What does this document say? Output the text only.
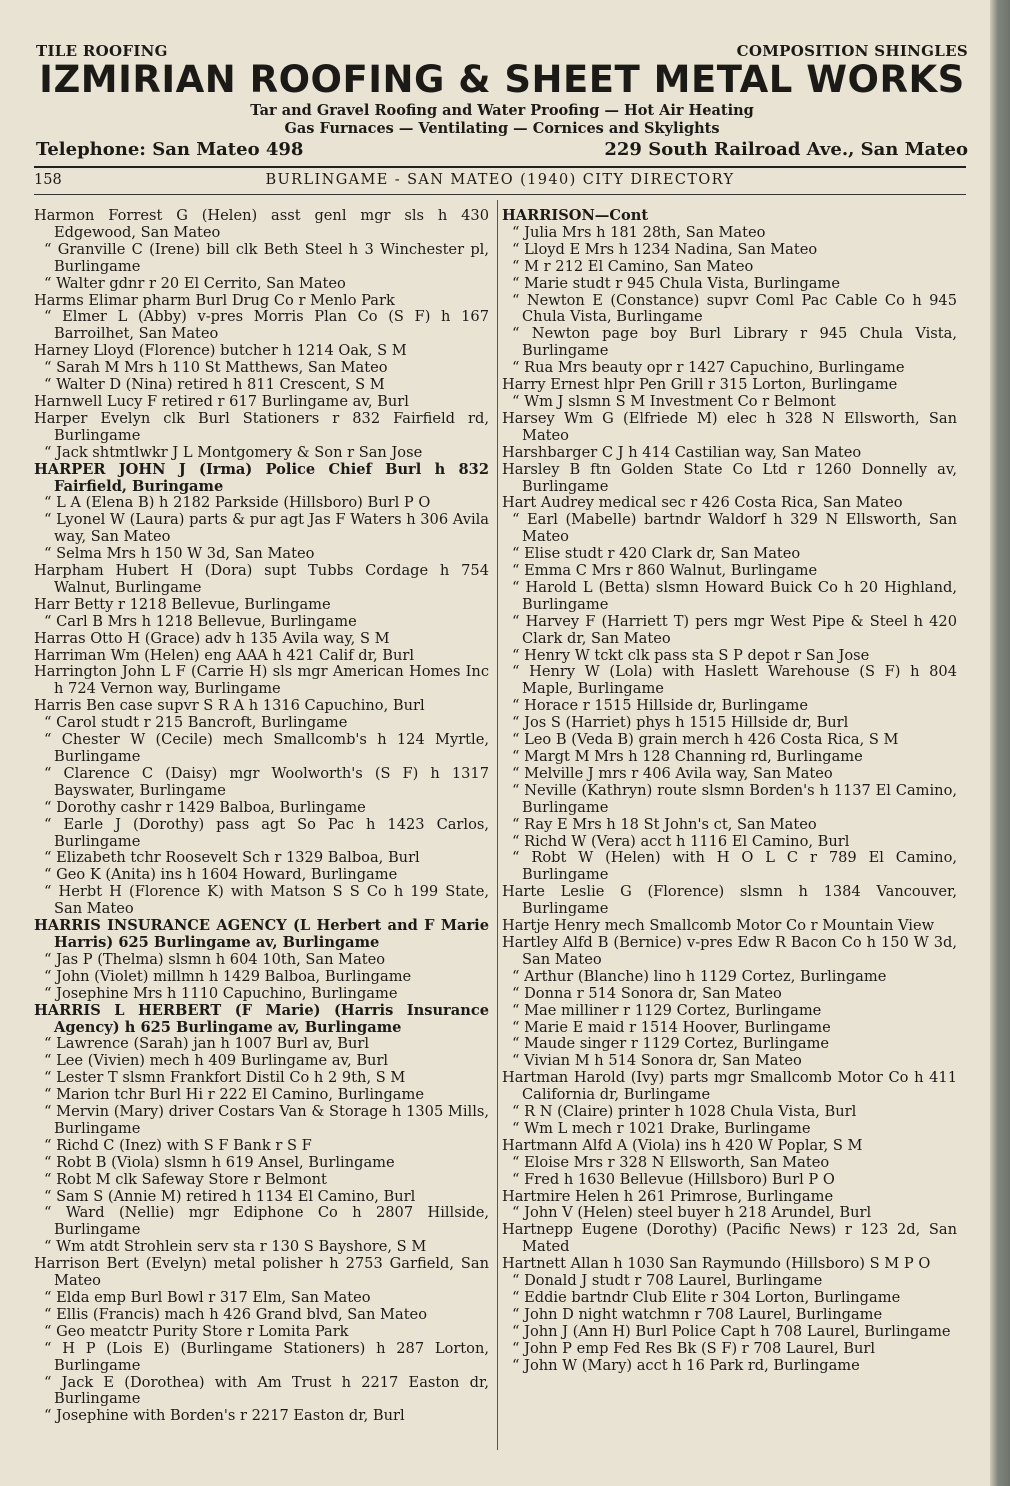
TILE ROOFING	COMPOSITION SHINGLES
IZMIRIAN ROOFING & SHEET METAL WORKS
Tar and Gravel Roofing and Water Proofing — Hot Air Heating
Gas Furnaces — Ventilating — Cornices and Skylights
Telephone: San Mateo 498	229 South Railroad Ave., San Mateo
BURLINGAME - SAN MATEO (1940) CITY DIRECTORY
158
Harmon Forrest G (Helen) asst genl mgr sls h 430 Edgewood, San Mateo
“ Granville C (Irene) bill clk Beth Steel h 3 Winchester pl, Burlingame
“ Walter gdnr r 20 El Cerrito, San Mateo
Harms Elimar pharm Burl Drug Co r Menlo Park
“ Elmer L (Abby) v-pres Morris Plan Co (S F) h 167 Barroilhet, San Mateo
Harney Lloyd (Florence) butcher h 1214 Oak, S M
“ Sarah M Mrs h 110 St Matthews, San Mateo
“ Walter D (Nina) retired h 811 Crescent, S M
Harnwell Lucy F retired r 617 Burlingame av, Burl
Harper Evelyn clk Burl Stationers r 832 Fairfield rd, Burlingame
“ Jack shtmtlwkr J L Montgomery & Son r San Jose
HARPER JOHN J (Irma) Police Chief Burl h 832 Fairfield, Buringame
“ L A (Elena B) h 2182 Parkside (Hillsboro) Burl P O
“ Lyonel W (Laura) parts & pur agt Jas F Waters h 306 Avila way, San Mateo
“ Selma Mrs h 150 W 3d, San Mateo
Harpham Hubert H (Dora) supt Tubbs Cordage h 754 Walnut, Burlingame
Harr Betty r 1218 Bellevue, Burlingame
“ Carl B Mrs h 1218 Bellevue, Burlingame
Harras Otto H (Grace) adv h 135 Avila way, S M
Harriman Wm (Helen) eng AAA h 421 Calif dr, Burl
Harrington John L F (Carrie H) sls mgr American Homes Inc h 724 Vernon way, Burlingame
Harris Ben case supvr S R A h 1316 Capuchino, Burl
“ Carol studt r 215 Bancroft, Burlingame
“ Chester W (Cecile) mech Smallcomb's h 124 Myrtle, Burlingame
“ Clarence C (Daisy) mgr Woolworth's (S F) h 1317 Bayswater, Burlingame
“ Dorothy cashr r 1429 Balboa, Burlingame
“ Earle J (Dorothy) pass agt So Pac h 1423 Carlos, Burlingame
“ Elizabeth tchr Roosevelt Sch r 1329 Balboa, Burl
“ Geo K (Anita) ins h 1604 Howard, Burlingame
“ Herbt H (Florence K) with Matson S S Co h 199 State, San Mateo
HARRIS INSURANCE AGENCY (L Herbert and F Marie Harris) 625 Burlingame av, Burlingame
“ Jas P (Thelma) slsmn h 604 10th, San Mateo
“ John (Violet) millmn h 1429 Balboa, Burlingame
“ Josephine Mrs h 1110 Capuchino, Burlingame
HARRIS L HERBERT (F Marie) (Harris Insurance Agency) h 625 Burlingame av, Burlingame
“ Lawrence (Sarah) jan h 1007 Burl av, Burl
“ Lee (Vivien) mech h 409 Burlingame av, Burl
“ Lester T slsmn Frankfort Distil Co h 2 9th, S M
“ Marion tchr Burl Hi r 222 El Camino, Burlingame
“ Mervin (Mary) driver Costars Van & Storage h 1305 Mills, Burlingame
“ Richd C (Inez) with S F Bank r S F
“ Robt B (Viola) slsmn h 619 Ansel, Burlingame
“ Robt M clk Safeway Store r Belmont
“ Sam S (Annie M) retired h 1134 El Camino, Burl
“ Ward (Nellie) mgr Ediphone Co h 2807 Hillside, Burlingame
“ Wm atdt Strohlein serv sta r 130 S Bayshore, S M
Harrison Bert (Evelyn) metal polisher h 2753 Garfield, San Mateo
“ Elda emp Burl Bowl r 317 Elm, San Mateo
“ Ellis (Francis) mach h 426 Grand blvd, San Mateo
“ Geo meatctr Purity Store r Lomita Park
“ H P (Lois E) (Burlingame Stationers) h 287 Lorton, Burlingame
“ Jack E (Dorothea) with Am Trust h 2217 Easton dr, Burlingame
“ Josephine with Borden's r 2217 Easton dr, Burl
HARRISON—Cont
“ Julia Mrs h 181 28th, San Mateo
“ Lloyd E Mrs h 1234 Nadina, San Mateo
“ M r 212 El Camino, San Mateo
“ Marie studt r 945 Chula Vista, Burlingame
“ Newton E (Constance) supvr Coml Pac Cable Co h 945 Chula Vista, Burlingame
“ Newton page boy Burl Library r 945 Chula Vista, Burlingame
“ Rua Mrs beauty opr r 1427 Capuchino, Burlingame
Harry Ernest hlpr Pen Grill r 315 Lorton, Burlingame
“ Wm J slsmn S M Investment Co r Belmont
Harsey Wm G (Elfriede M) elec h 328 N Ellsworth, San Mateo
Harshbarger C J h 414 Castilian way, San Mateo
Harsley B ftn Golden State Co Ltd r 1260 Donnelly av, Burlingame
Hart Audrey medical sec r 426 Costa Rica, San Mateo
“ Earl (Mabelle) bartndr Waldorf h 329 N Ellsworth, San Mateo
“ Elise studt r 420 Clark dr, San Mateo
“ Emma C Mrs r 860 Walnut, Burlingame
“ Harold L (Betta) slsmn Howard Buick Co h 20 Highland, Burlingame
“ Harvey F (Harriett T) pers mgr West Pipe & Steel h 420 Clark dr, San Mateo
“ Henry W tckt clk pass sta S P depot r San Jose
“ Henry W (Lola) with Haslett Warehouse (S F) h 804 Maple, Burlingame
“ Horace r 1515 Hillside dr, Burlingame
“ Jos S (Harriet) phys h 1515 Hillside dr, Burl
“ Leo B (Veda B) grain merch h 426 Costa Rica, S M
“ Margt M Mrs h 128 Channing rd, Burlingame
“ Melville J mrs r 406 Avila way, San Mateo
“ Neville (Kathryn) route slsmn Borden's h 1137 El Camino, Burlingame
“ Ray E Mrs h 18 St John's ct, San Mateo
“ Richd W (Vera) acct h 1116 El Camino, Burl
“ Robt W (Helen) with H O L C r 789 El Camino, Burlingame
Harte Leslie G (Florence) slsmn h 1384 Vancouver, Burlingame
Hartje Henry mech Smallcomb Motor Co r Mountain View
Hartley Alfd B (Bernice) v-pres Edw R Bacon Co h 150 W 3d, San Mateo
“ Arthur (Blanche) lino h 1129 Cortez, Burlingame
“ Donna r 514 Sonora dr, San Mateo
“ Mae milliner r 1129 Cortez, Burlingame
“ Marie E maid r 1514 Hoover, Burlingame
“ Maude singer r 1129 Cortez, Burlingame
“ Vivian M h 514 Sonora dr, San Mateo
Hartman Harold (Ivy) parts mgr Smallcomb Motor Co h 411 California dr, Burlingame
“ R N (Claire) printer h 1028 Chula Vista, Burl
“ Wm L mech r 1021 Drake, Burlingame
Hartmann Alfd A (Viola) ins h 420 W Poplar, S M
“ Eloise Mrs r 328 N Ellsworth, San Mateo
“ Fred h 1630 Bellevue (Hillsboro) Burl P O
Hartmire Helen h 261 Primrose, Burlingame
“ John V (Helen) steel buyer h 218 Arundel, Burl
Hartnepp Eugene (Dorothy) (Pacific News) r 123 2d, San Mated
Hartnett Allan h 1030 San Raymundo (Hillsboro) S M P O
“ Donald J studt r 708 Laurel, Burlingame
“ Eddie bartndr Club Elite r 304 Lorton, Burlingame
“ John D night watchmn r 708 Laurel, Burlingame
“ John J (Ann H) Burl Police Capt h 708 Laurel, Burlingame
“ John P emp Fed Res Bk (S F) r 708 Laurel, Burl
“ John W (Mary) acct h 16 Park rd, Burlingame
